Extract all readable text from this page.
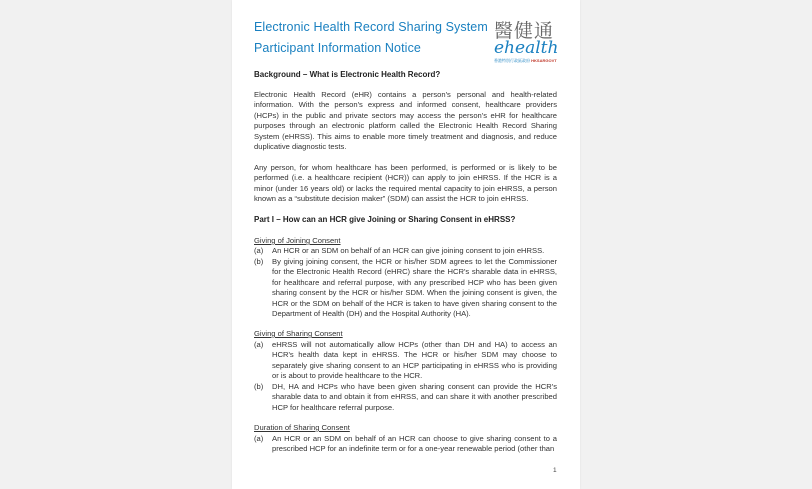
Electronic Health Record Sharing System
Participant Information Notice
醫健通
ehealth
香港特別行政區政府 HKSARGOVT
Background – What is Electronic Health Record?
Electronic Health Record (eHR) contains a person's personal and health-related information. With the person's express and informed consent, healthcare providers (HCPs) in the public and private sectors may access the person's eHR for healthcare purposes through an electronic platform called the Electronic Health Record Sharing System (eHRSS). This aims to enable more timely treatment and diagnosis, and reduce duplicative diagnostic tests.
Any person, for whom healthcare has been performed, is performed or is likely to be performed (i.e. a healthcare recipient (HCR)) can apply to join eHRSS. If the HCR is a minor (under 16 years old) or lacks the required mental capacity to join eHRSS, a person known as a “substitute decision maker” (SDM) can assist the HCR to join eHRSS.
Part I – How can an HCR give Joining or Sharing Consent in eHRSS?
Giving of Joining Consent
(a) An HCR or an SDM on behalf of an HCR can give joining consent to join eHRSS.
(b) By giving joining consent, the HCR or his/her SDM agrees to let the Commissioner for the Electronic Health Record (eHRC) share the HCR's sharable data in eHRSS, for healthcare and referral purpose, with any prescribed HCP who has been given sharing consent by the HCR or his/her SDM. When the joining consent is given, the HCR or the SDM on behalf of the HCR is taken to have given sharing consent to the Department of Health (DH) and the Hospital Authority (HA).
Giving of Sharing Consent
(a) eHRSS will not automatically allow HCPs (other than DH and HA) to access an HCR's health data kept in eHRSS. The HCR or his/her SDM may choose to separately give sharing consent to an HCP participating in eHRSS who is providing or is about to provide healthcare to the HCR.
(b) DH, HA and HCPs who have been given sharing consent can provide the HCR's sharable data to and obtain it from eHRSS, and can share it with another prescribed HCP for healthcare referral purpose.
Duration of Sharing Consent
(a) An HCR or an SDM on behalf of an HCR can choose to give sharing consent to a prescribed HCP for an indefinite term or for a one-year renewable period (other than
1
